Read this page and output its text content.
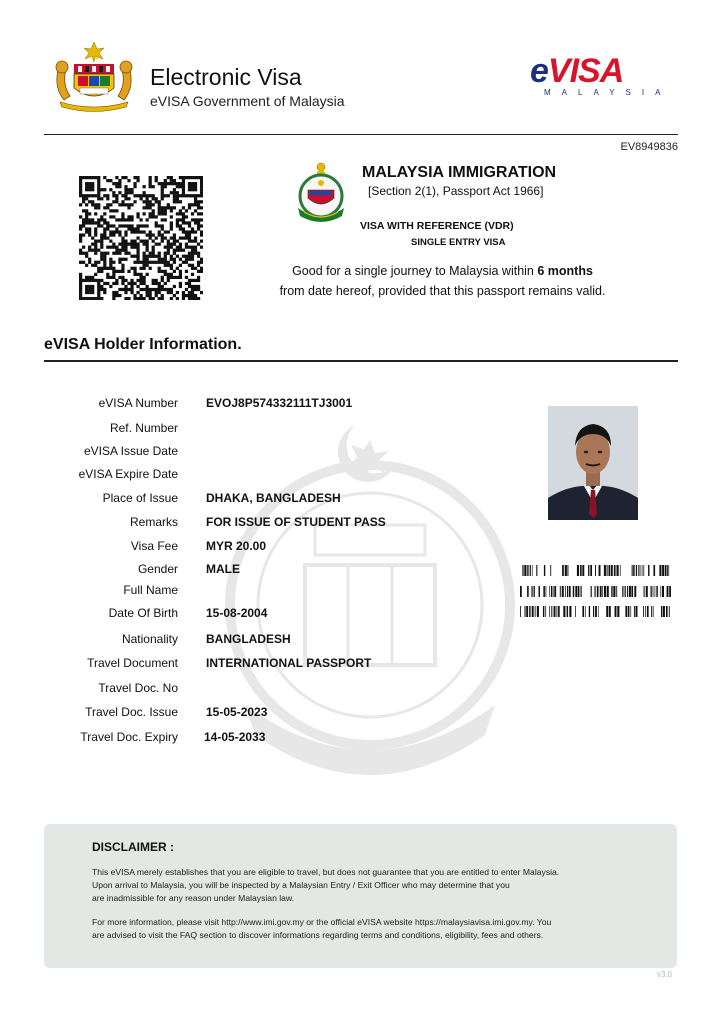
Electronic Visa
eVISA Government of Malaysia
eVISA
MALAYSIA
EV8949836
MALAYSIA IMMIGRATION
[Section 2(1), Passport Act 1966]
VISA WITH REFERENCE (VDR)
SINGLE ENTRY VISA
Good for a single journey to Malaysia within 6 months
from date hereof, provided that this passport remains valid.
eVISA Holder Information.
eVISA Number EVOJ8P574332111TJ3001
Ref. Number
eVISA Issue Date
eVISA Expire Date
Place of Issue DHAKA, BANGLADESH
Remarks FOR ISSUE OF STUDENT PASS
Visa Fee MYR 20.00
Gender MALE
Full Name
Date Of Birth 15-08-2004
Nationality BANGLADESH
Travel Document INTERNATIONAL PASSPORT
Travel Doc. No
Travel Doc. Issue 15-05-2023
Travel Doc. Expiry 14-05-2033
DISCLAIMER :
This eVISA merely establishes that you are eligible to travel, but does not guarantee that you are entitled to enter Malaysia.
Upon arrival to Malaysia, you will be inspected by a Malaysian Entry / Exit Officer who may determine that you
are inadmissible for any reason under Malaysian law.
For more information, please visit http://www.imi.gov.my or the official eVISA website https://malaysiavisa.imi.gov.my. You
are advised to visit the FAQ section to discover informations regarding terms and conditions, eligibility, fees and others.
v3.0
